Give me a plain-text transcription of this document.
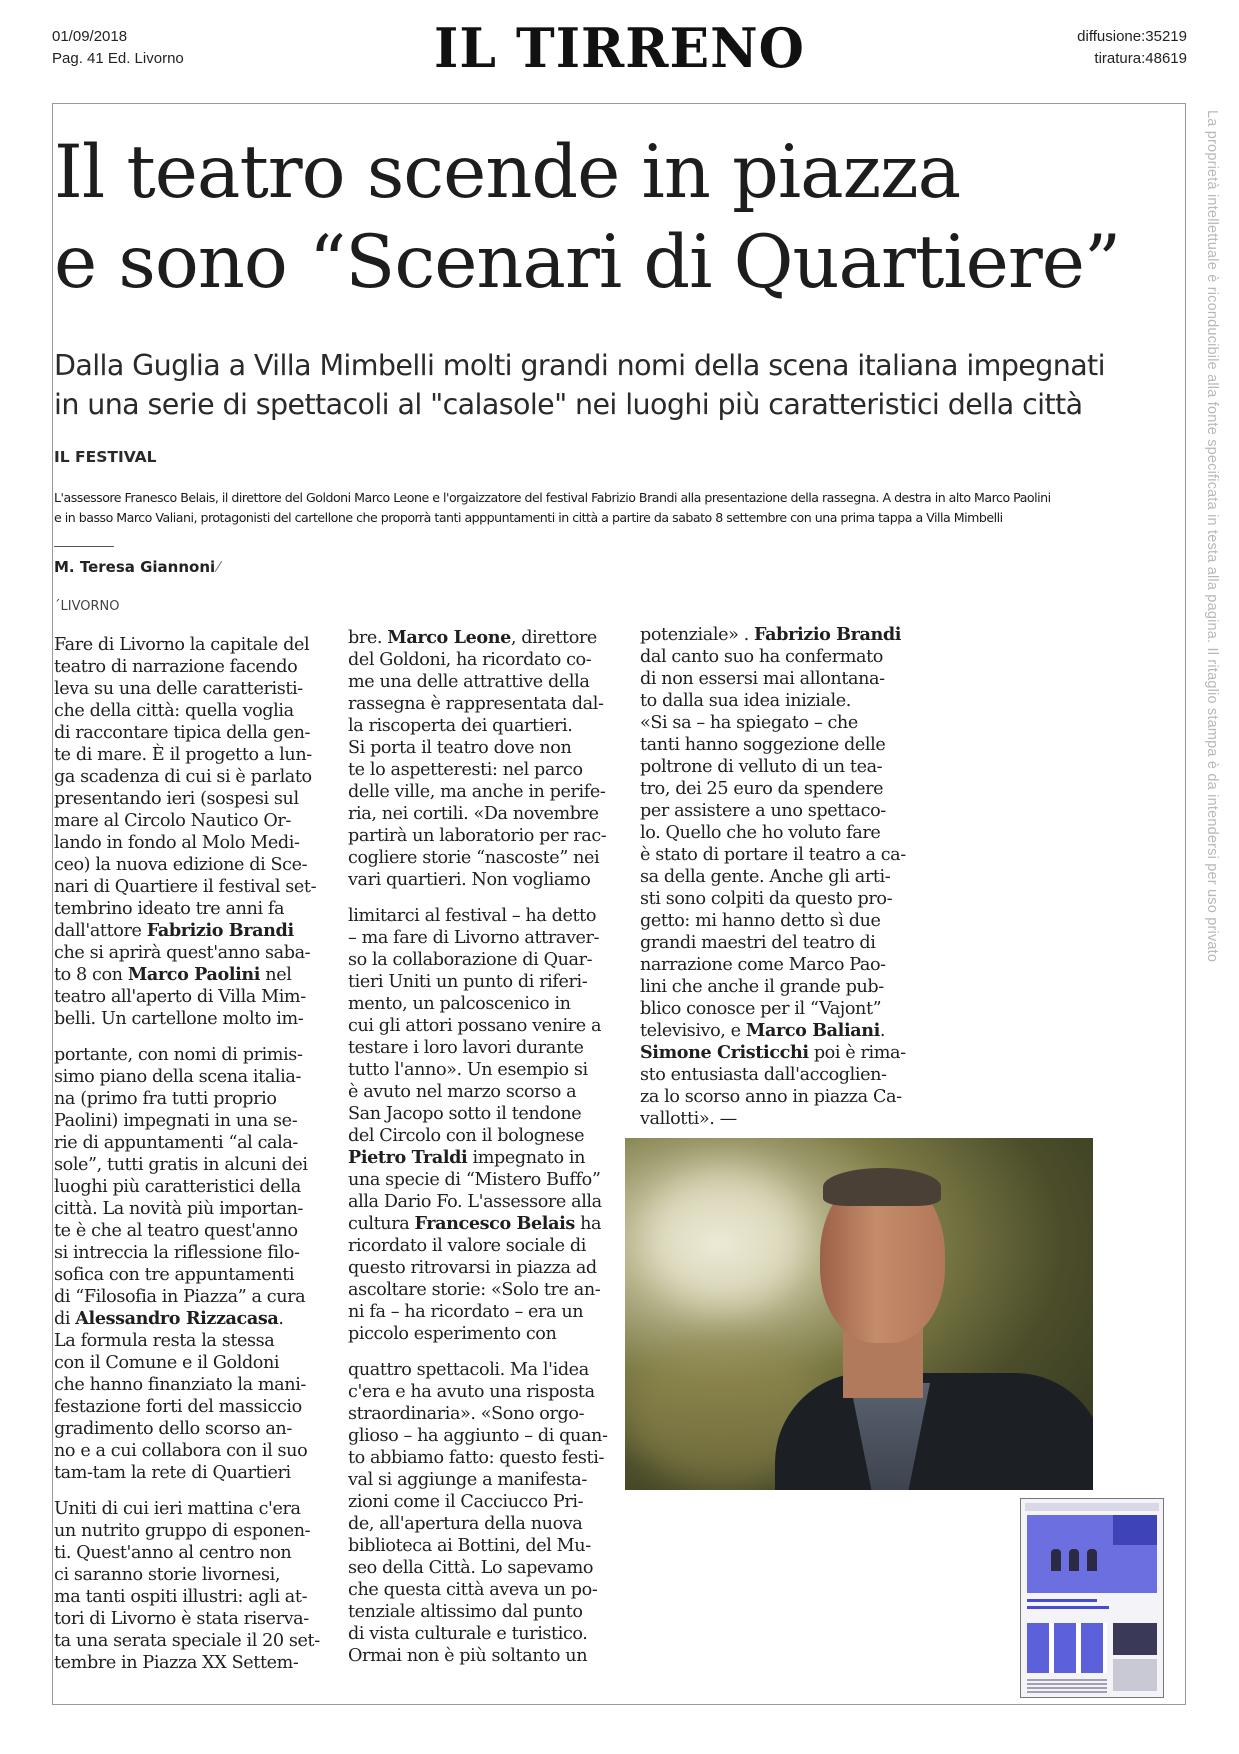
01/09/2018
Pag. 41 Ed. Livorno	IL TIRRENO	diffusione:35219
tiratura:48619
La proprietà intellettuale è riconducibile alla fonte specificata in testa alla pagina. Il ritaglio stampa è da intendersi per uso privato
Il teatro scende in piazza
e sono “Scenari di Quartiere”
Dalla Guglia a Villa Mimbelli molti grandi nomi della scena italiana impegnati
in una serie di spettacoli al "calasole" nei luoghi più caratteristici della città
IL FESTIVAL
L'assessore Franesco Belais, il direttore del Goldoni Marco Leone e l'orgaizzatore del festival Fabrizio Brandi alla presentazione della rassegna. A destra in alto Marco Paolini
e in basso Marco Valiani, protagonisti del cartellone che proporrà tanti apppuntamenti in città a partire da sabato 8 settembre con una prima tappa a Villa Mimbelli
M. Teresa Giannoni ⁄
´LIVORNO
Fare di Livorno la capitale del
teatro di narrazione facendo
leva su una delle caratteristi-
che della città: quella voglia
di raccontare tipica della gen-
te di mare. È il progetto a lun-
ga scadenza di cui si è parlato
presentando ieri (sospesi sul
mare al Circolo Nautico Or-
lando in fondo al Molo Medi-
ceo) la nuova edizione di Sce-
nari di Quartiere il festival set-
tembrino ideato tre anni fa
dall'attore Fabrizio Brandi
che si aprirà quest'anno saba-
to 8 con Marco Paolini nel
teatro all'aperto di Villa Mim-
belli. Un cartellone molto im-
portante, con nomi di primis-
simo piano della scena italia-
na (primo fra tutti proprio
Paolini) impegnati in una se-
rie di appuntamenti “al cala-
sole”, tutti gratis in alcuni dei
luoghi più caratteristici della
città. La novità più importan-
te è che al teatro quest'anno
si intreccia la riflessione filo-
sofica con tre appuntamenti
di “Filosofia in Piazza” a cura
di Alessandro Rizzacasa.
La formula resta la stessa
con il Comune e il Goldoni
che hanno finanziato la mani-
festazione forti del massiccio
gradimento dello scorso an-
no e a cui collabora con il suo
tam-tam la rete di Quartieri
Uniti di cui ieri mattina c'era
un nutrito gruppo di esponen-
ti. Quest'anno al centro non
ci saranno storie livornesi,
ma tanti ospiti illustri: agli at-
tori di Livorno è stata riserva-
ta una serata speciale il 20 set-
tembre in Piazza XX Settem-
bre. Marco Leone, direttore
del Goldoni, ha ricordato co-
me una delle attrattive della
rassegna è rappresentata dal-
la riscoperta dei quartieri.
Si porta il teatro dove non
te lo aspetteresti: nel parco
delle ville, ma anche in perife-
ria, nei cortili. «Da novembre
partirà un laboratorio per rac-
cogliere storie “nascoste” nei
vari quartieri. Non vogliamo
limitarci al festival – ha detto
– ma fare di Livorno attraver-
so la collaborazione di Quar-
tieri Uniti un punto di riferi-
mento, un palcoscenico in
cui gli attori possano venire a
testare i loro lavori durante
tutto l'anno». Un esempio si
è avuto nel marzo scorso a
San Jacopo sotto il tendone
del Circolo con il bolognese
Pietro Traldi impegnato in
una specie di “Mistero Buffo”
alla Dario Fo. L'assessore alla
cultura Francesco Belais ha
ricordato il valore sociale di
questo ritrovarsi in piazza ad
ascoltare storie: «Solo tre an-
ni fa – ha ricordato – era un
piccolo esperimento con
quattro spettacoli. Ma l'idea
c'era e ha avuto una risposta
straordinaria». «Sono orgo-
glioso – ha aggiunto – di quan-
to abbiamo fatto: questo festi-
val si aggiunge a manifesta-
zioni come il Cacciucco Pri-
de, all'apertura della nuova
biblioteca ai Bottini, del Mu-
seo della Città. Lo sapevamo
che questa città aveva un po-
tenziale altissimo dal punto
di vista culturale e turistico.
Ormai non è più soltanto un
potenziale» . Fabrizio Brandi
dal canto suo ha confermato
di non essersi mai allontana-
to dalla sua idea iniziale.
«Si sa – ha spiegato – che
tanti hanno soggezione delle
poltrone di velluto di un tea-
tro, dei 25 euro da spendere
per assistere a uno spettaco-
lo. Quello che ho voluto fare
è stato di portare il teatro a ca-
sa della gente. Anche gli arti-
sti sono colpiti da questo pro-
getto: mi hanno detto sì due
grandi maestri del teatro di
narrazione come Marco Pao-
lini che anche il grande pub-
blico conosce per il “Vajont”
televisivo, e Marco Baliani.
Simone Cristicchi poi è rima-
sto entusiasta dall'accoglien-
za lo scorso anno in piazza Ca-
vallotti». —
